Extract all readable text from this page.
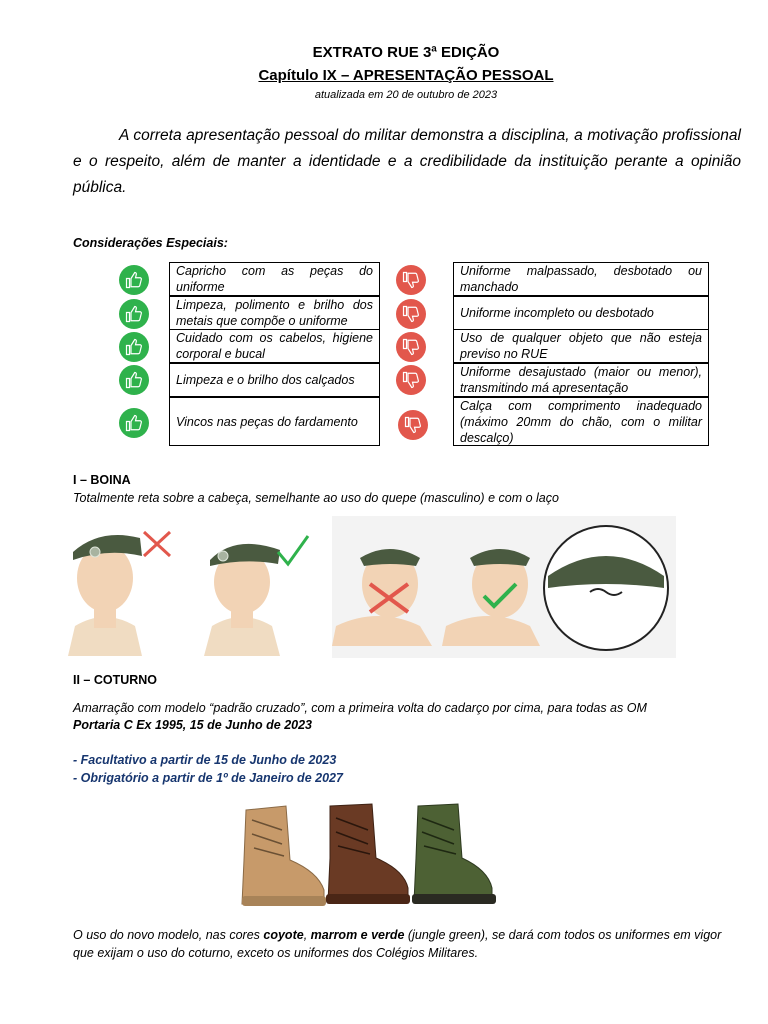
EXTRATO RUE 3ª EDIÇÃO
Capítulo IX – APRESENTAÇÃO PESSOAL
atualizada em 20 de outubro de 2023
A correta apresentação pessoal do militar demonstra a disciplina, a motivação profissional e o respeito, além de manter a identidade e a credibilidade da instituição perante a opinião pública.
Considerações Especiais:
Capricho com as peças do uniforme
Limpeza, polimento e brilho dos metais que compõe o uniforme
Cuidado com os cabelos, higiene corporal e bucal
Limpeza e o brilho dos calçados
Vincos nas peças do fardamento
Uniforme malpassado, desbotado ou manchado
Uniforme incompleto ou desbotado
Uso de qualquer objeto que não esteja previso no RUE
Uniforme desajustado (maior ou menor), transmitindo má apresentação
Calça com comprimento inadequado (máximo 20mm do chão, com o militar descalço)
I – BOINA
Totalmente reta sobre a cabeça, semelhante ao uso do quepe (masculino) e com o laço
II – COTURNO
Amarração com modelo “padrão cruzado”, com a primeira volta do cadarço por cima, para todas as OM
Portaria C Ex 1995, 15 de Junho de 2023
- Facultativo a partir de 15 de Junho de 2023
- Obrigatório a partir de 1º de Janeiro de 2027
O uso do novo modelo, nas cores coyote, marrom e verde (jungle green), se dará com todos os uniformes em vigor que exijam o uso do coturno, exceto os uniformes dos Colégios Militares.
